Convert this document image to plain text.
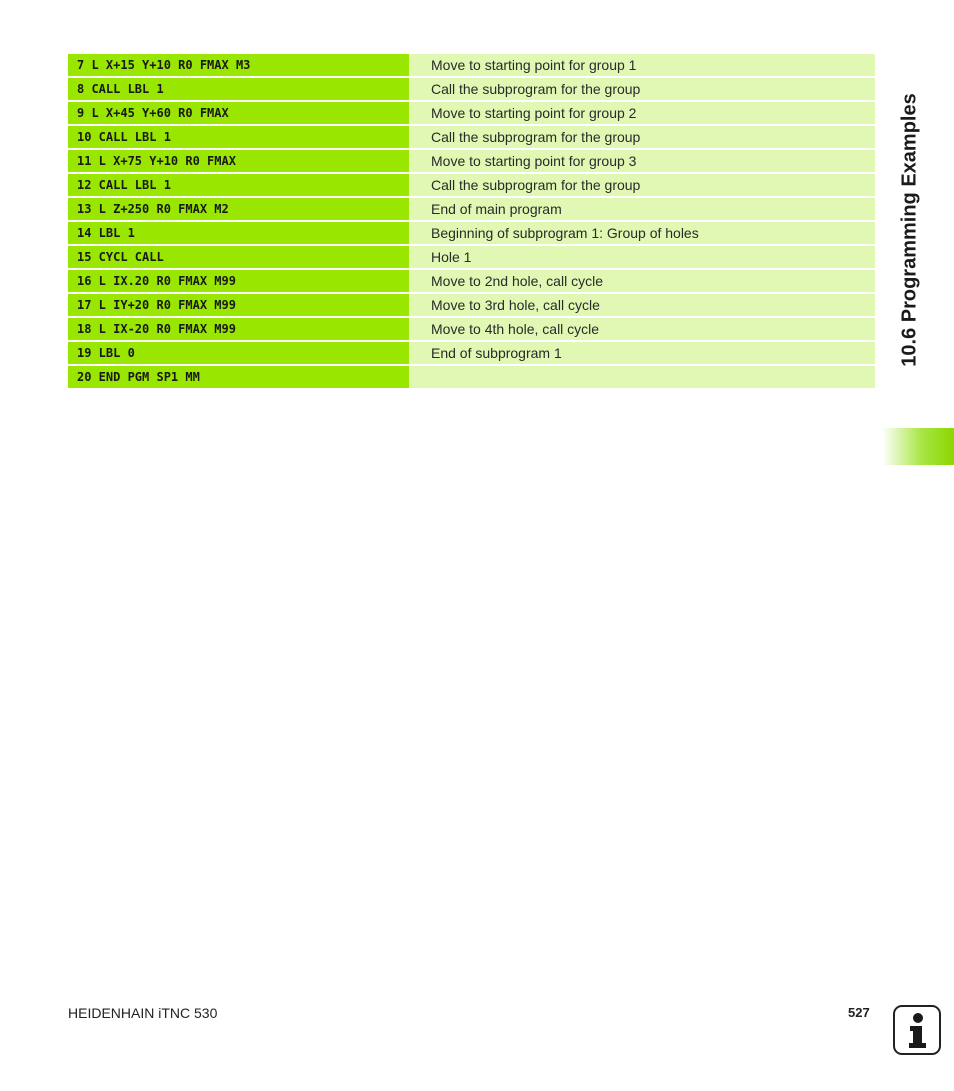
7 L X+15 Y+10 R0 FMAX M3	Move to starting point for group 1
8 CALL LBL 1	Call the subprogram for the group
9 L X+45 Y+60 R0 FMAX	Move to starting point for group 2
10 CALL LBL 1	Call the subprogram for the group
11 L X+75 Y+10 R0 FMAX	Move to starting point for group 3
12 CALL LBL 1	Call the subprogram for the group
13 L Z+250 R0 FMAX M2	End of main program
14 LBL 1	Beginning of subprogram 1: Group of holes
15 CYCL CALL	Hole 1
16 L IX.20 R0 FMAX M99	Move to 2nd hole, call cycle
17 L IY+20 R0 FMAX M99	Move to 3rd hole, call cycle
18 L IX-20 R0 FMAX M99	Move to 4th hole, call cycle
19 LBL 0	End of subprogram 1
20 END PGM SP1 MM
10.6 Programming Examples
HEIDENHAIN iTNC 530	527
